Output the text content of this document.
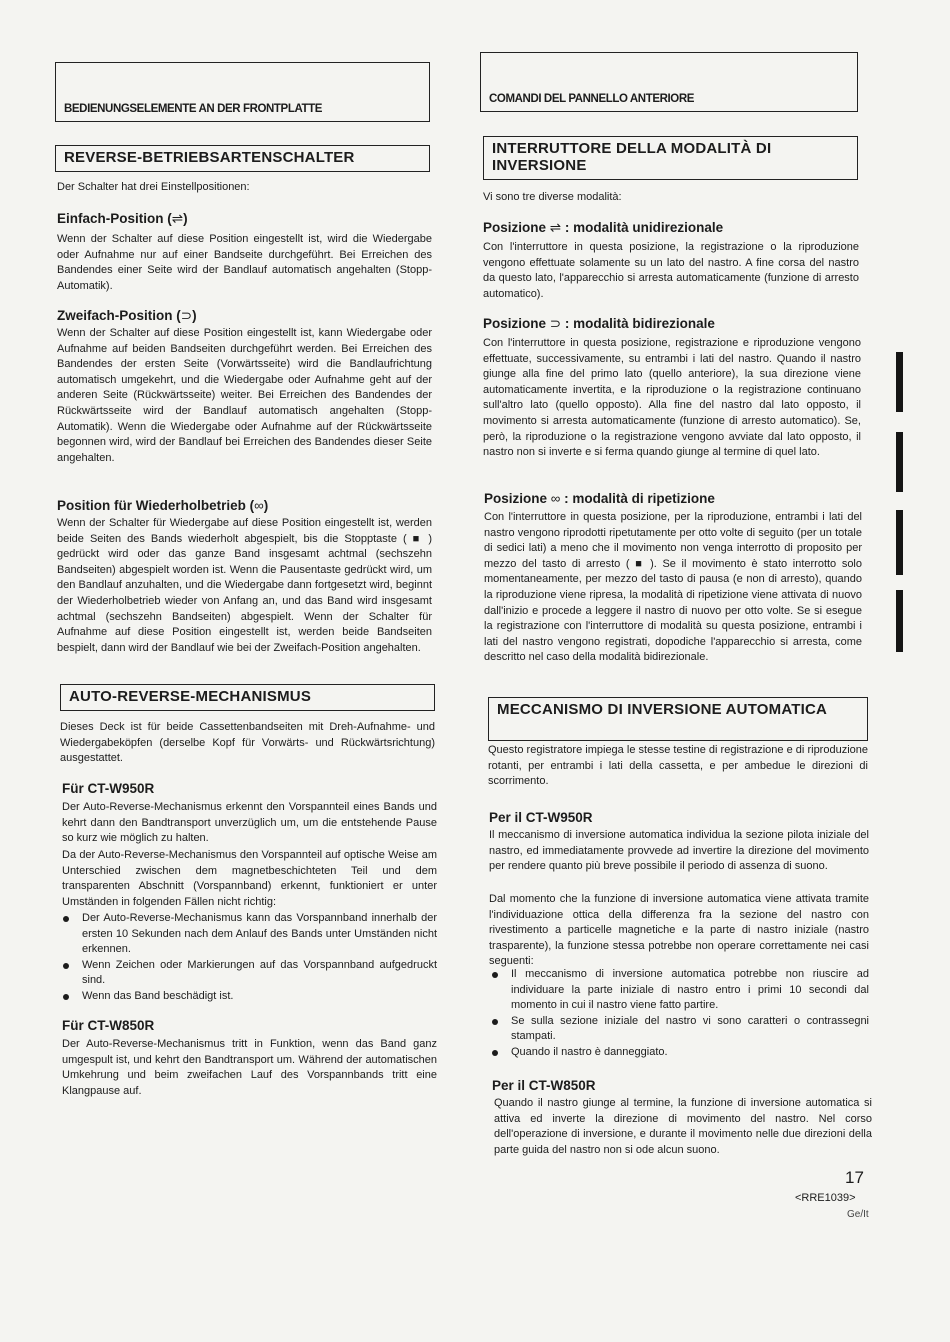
BEDIENUNGSELEMENTE AN DER FRONTPLATTE
REVERSE-BETRIEBSARTENSCHALTER
Der Schalter hat drei Einstellpositionen:
Einfach-Position (⇌)
Wenn der Schalter auf diese Position eingestellt ist, wird die Wiedergabe oder Aufnahme nur auf einer Bandseite durchgeführt. Bei Erreichen des Bandendes einer Seite wird der Bandlauf automatisch angehalten (Stopp-Automatik).
Zweifach-Position (⊃)
Wenn der Schalter auf diese Position eingestellt ist, kann Wiedergabe oder Aufnahme auf beiden Bandseiten durchgeführt werden. Bei Erreichen des Bandendes der ersten Seite (Vorwärtsseite) wird die Bandlaufrichtung automatisch umgekehrt, und die Wiedergabe oder Aufnahme geht auf der anderen Seite (Rückwärtsseite) weiter. Bei Erreichen des Bandendes der Rückwärtsseite wird der Bandlauf automatisch angehalten (Stopp-Automatik). Wenn die Wiedergabe oder Aufnahme auf der Rückwärtsseite begonnen wird, wird der Bandlauf bei Erreichen des Bandendes dieser Seite angehalten.
Position für Wiederholbetrieb (∞)
Wenn der Schalter für Wiedergabe auf diese Position eingestellt ist, werden beide Seiten des Bands wiederholt abgespielt, bis die Stopptaste ( ■ ) gedrückt wird oder das ganze Band insgesamt achtmal (sechszehn Bandseiten) abgespielt worden ist. Wenn die Pausentaste gedrückt wird, um den Bandlauf anzuhalten, und die Wiedergabe dann fortgesetzt wird, beginnt der Wiederholbetrieb wieder von Anfang an, und das Band wird insgesamt achtmal (sechszehn Bandseiten) abgespielt. Wenn der Schalter für Aufnahme auf diese Position eingestellt ist, werden beide Bandseiten bespielt, dann wird der Bandlauf wie bei der Zweifach-Position angehalten.
AUTO-REVERSE-MECHANISMUS
Dieses Deck ist für beide Cassettenbandseiten mit Dreh-Aufnahme- und Wiedergabeköpfen (derselbe Kopf für Vorwärts- und Rückwärtsrichtung) ausgestattet.
Für CT-W950R
Der Auto-Reverse-Mechanismus erkennt den Vorspannteil eines Bands und kehrt dann den Bandtransport unverzüglich um, um die entstehende Pause so kurz wie möglich zu halten.
Da der Auto-Reverse-Mechanismus den Vorspannteil auf optische Weise am Unterschied zwischen dem magnetbeschichteten Teil und dem transparenten Abschnitt (Vorspannband) erkennt, funktioniert er unter Umständen in folgenden Fällen nicht richtig:
Der Auto-Reverse-Mechanismus kann das Vorspannband innerhalb der ersten 10 Sekunden nach dem Anlauf des Bands unter Umständen nicht erkennen.
Wenn Zeichen oder Markierungen auf das Vorspannband aufgedruckt sind.
Wenn das Band beschädigt ist.
Für CT-W850R
Der Auto-Reverse-Mechanismus tritt in Funktion, wenn das Band ganz umgespult ist, und kehrt den Bandtransport um. Während der automatischen Umkehrung und beim zweifachen Lauf des Vorspannbands tritt eine Klangpause auf.
COMANDI DEL PANNELLO ANTERIORE
INTERRUTTORE DELLA MODALITÀ DI INVERSIONE
Vi sono tre diverse modalità:
Posizione ⇌ : modalità unidirezionale
Con l'interruttore in questa posizione, la registrazione o la riproduzione vengono effettuate solamente su un lato del nastro. A fine corsa del nastro da questo lato, l'apparecchio si arresta automaticamente (funzione di arresto automatico).
Posizione ⊃ : modalità bidirezionale
Con l'interruttore in questa posizione, registrazione e riproduzione vengono effettuate, successivamente, su entrambi i lati del nastro. Quando il nastro giunge alla fine del primo lato (quello anteriore), la sua direzione viene automaticamente invertita, e la riproduzione o la registrazione continuano sull'altro lato (quello opposto). Alla fine del nastro dal lato opposto, il movimento si arresta automaticamente (funzione di arresto automatico). Se, però, la riproduzione o la registrazione vengono avviate dal lato opposto, il nastro non si inverte e si ferma quando giunge al termine di quel lato.
Posizione ∞ : modalità di ripetizione
Con l'interruttore in questa posizione, per la riproduzione, entrambi i lati del nastro vengono riprodotti ripetutamente per otto volte di seguito (per un totale di sedici lati) a meno che il movimento non venga interrotto di proposito per mezzo del tasto di arresto ( ■ ). Se il movimento è stato interrotto solo momentaneamente, per mezzo del tasto di pausa (e non di arresto), quando la riproduzione viene ripresa, la modalità di ripetizione viene attivata di nuovo dall'inizio e procede a leggere il nastro di nuovo per otto volte. Se si esegue la registrazione con l'interruttore di modalità su questa posizione, entrambi i lati del nastro vengono registrati, dopodiche l'apparecchio si arresta, come descritto nel caso della modalità bidirezionale.
MECCANISMO DI INVERSIONE AUTOMATICA
Questo registratore impiega le stesse testine di registrazione e di riproduzione rotanti, per entrambi i lati della cassetta, e per ambedue le direzioni di scorrimento.
Per il CT-W950R
Il meccanismo di inversione automatica individua la sezione pilota iniziale del nastro, ed immediatamente provvede ad invertire la direzione del movimento per rendere quanto più breve possibile il periodo di assenza di suono.
Dal momento che la funzione di inversione automatica viene attivata tramite l'individuazione ottica della differenza fra la sezione del nastro con rivestimento a particelle magnetiche e la parte di nastro iniziale (nastro trasparente), la funzione stessa potrebbe non operare correttamente nei casi seguenti:
Il meccanismo di inversione automatica potrebbe non riuscire ad individuare la parte iniziale di nastro entro i primi 10 secondi dal momento in cui il nastro viene fatto partire.
Se sulla sezione iniziale del nastro vi sono caratteri o contrassegni stampati.
Quando il nastro è danneggiato.
Per il CT-W850R
Quando il nastro giunge al termine, la funzione di inversione automatica si attiva ed inverte la direzione di movimento del nastro. Nel corso dell'operazione di inversione, e durante il movimento nelle due direzioni della parte guida del nastro non si ode alcun suono.
17
<RRE1039>
Ge/It
